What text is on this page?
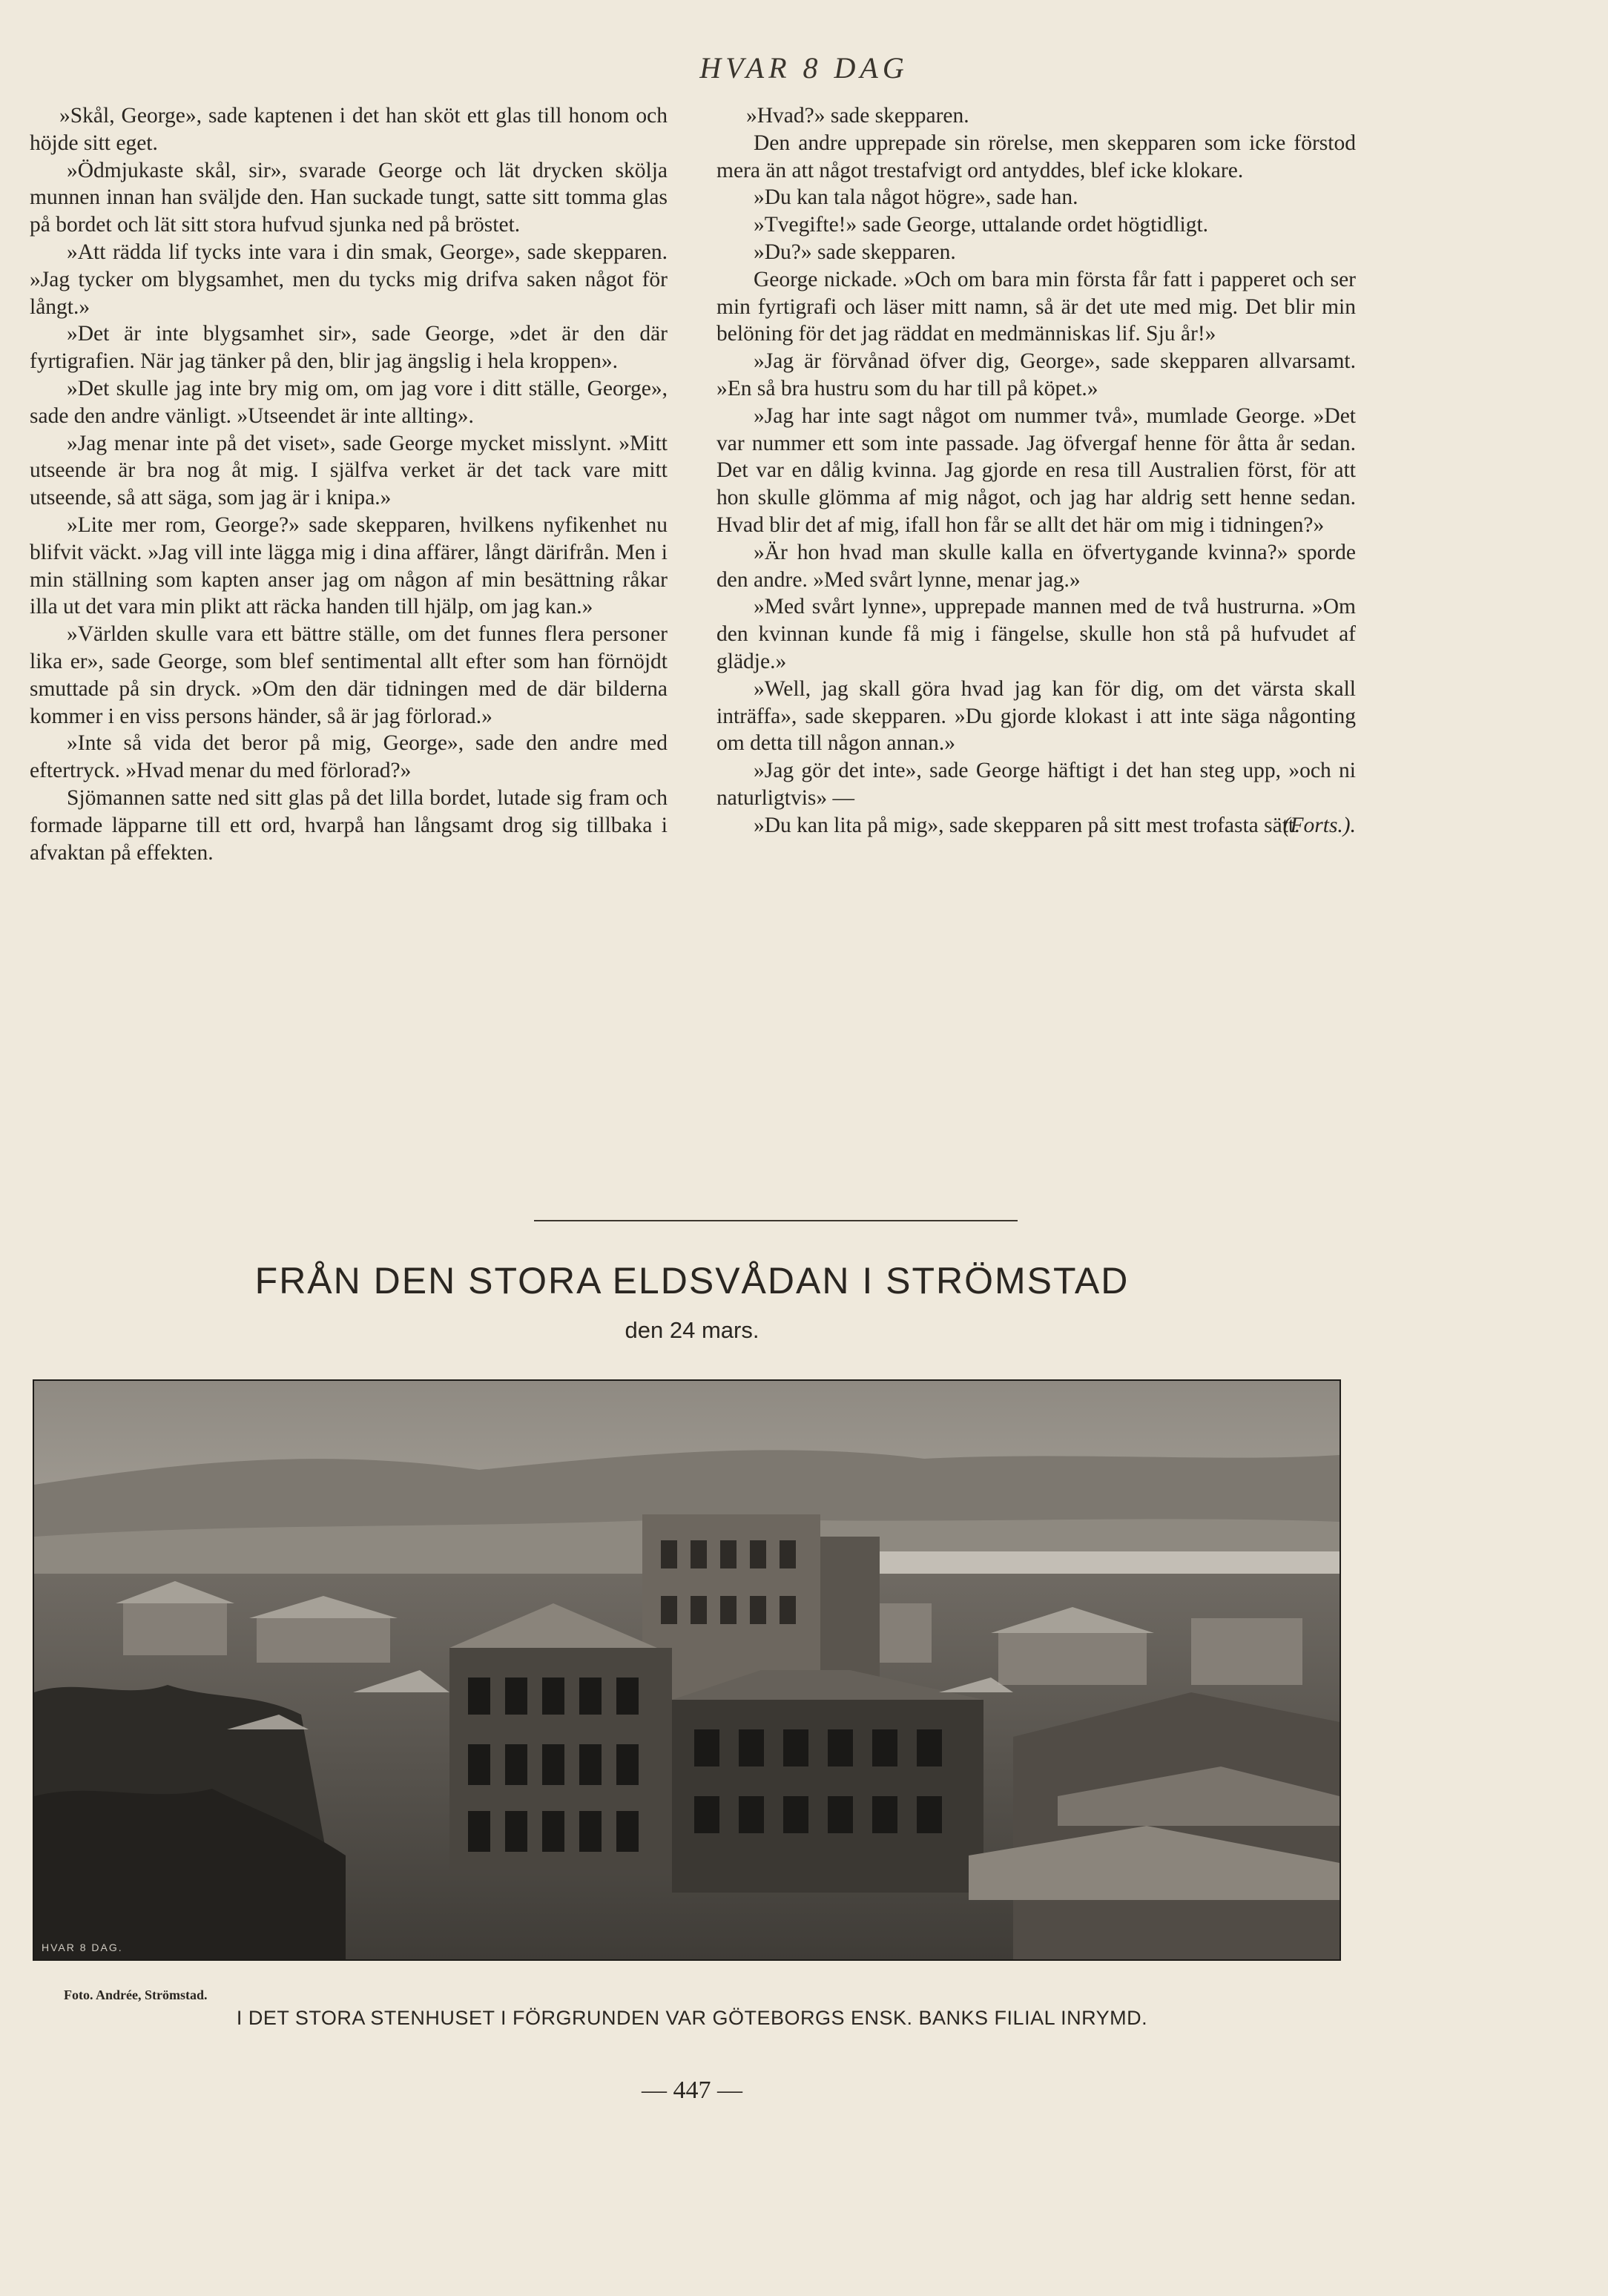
HVAR 8 DAG

»Skål, George», sade kaptenen i det han sköt ett glas till honom och höjde sitt eget.

»Ödmjukaste skål, sir», svarade George och lät drycken skölja munnen innan han sväljde den. Han suckade tungt, satte sitt tomma glas på bordet och lät sitt stora hufvud sjunka ned på bröstet.

»Att rädda lif tycks inte vara i din smak, George», sade skepparen. »Jag tycker om blygsamhet, men du tycks mig drifva saken något för långt.»

»Det är inte blygsamhet sir», sade George, »det är den där fyrtigrafien. När jag tänker på den, blir jag ängslig i hela kroppen».

»Det skulle jag inte bry mig om, om jag vore i ditt ställe, George», sade den andre vänligt. »Utseendet är inte allting».

»Jag menar inte på det viset», sade George mycket misslynt. »Mitt utseende är bra nog åt mig. I själfva verket är det tack vare mitt utseende, så att säga, som jag är i knipa.»

»Lite mer rom, George?» sade skepparen, hvilkens nyfikenhet nu blifvit väckt. »Jag vill inte lägga mig i dina affärer, långt därifrån. Men i min ställning som kapten anser jag om någon af min besättning råkar illa ut det vara min plikt att räcka handen till hjälp, om jag kan.»

»Världen skulle vara ett bättre ställe, om det funnes flera personer lika er», sade George, som blef sentimental allt efter som han förnöjdt smuttade på sin dryck. »Om den där tidningen med de där bilderna kommer i en viss persons händer, så är jag förlorad.»

»Inte så vida det beror på mig, George», sade den andre med eftertryck. »Hvad menar du med förlorad?»

Sjömannen satte ned sitt glas på det lilla bordet, lutade sig fram och formade läpparne till ett ord, hvarpå han långsamt drog sig tillbaka i afvaktan på effekten.

»Hvad?» sade skepparen.

Den andre upprepade sin rörelse, men skepparen som icke förstod mera än att något trestafvigt ord antyddes, blef icke klokare.

»Du kan tala något högre», sade han.

»Tvegifte!» sade George, uttalande ordet högtidligt.

»Du?» sade skepparen.

George nickade. »Och om bara min första får fatt i papperet och ser min fyrtigrafi och läser mitt namn, så är det ute med mig. Det blir min belöning för det jag räddat en medmänniskas lif. Sju år!»

»Jag är förvånad öfver dig, George», sade skepparen allvarsamt. »En så bra hustru som du har till på köpet.»

»Jag har inte sagt något om nummer två», mumlade George. »Det var nummer ett som inte passade. Jag öfvergaf henne för åtta år sedan. Det var en dålig kvinna. Jag gjorde en resa till Australien först, för att hon skulle glömma af mig något, och jag har aldrig sett henne sedan. Hvad blir det af mig, ifall hon får se allt det här om mig i tidningen?»

»Är hon hvad man skulle kalla en öfvertygande kvinna?» sporde den andre. »Med svårt lynne, menar jag.»

»Med svårt lynne», upprepade mannen med de två hustrurna. »Om den kvinnan kunde få mig i fängelse, skulle hon stå på hufvudet af glädje.»

»Well, jag skall göra hvad jag kan för dig, om det värsta skall inträffa», sade skepparen. »Du gjorde klokast i att inte säga någonting om detta till någon annan.»

»Jag gör det inte», sade George häftigt i det han steg upp, »och ni naturligtvis» —

»Du kan lita på mig», sade skepparen på sitt mest trofasta sätt.

(Forts.).
FRÅN DEN STORA ELDSVÅDAN I STRÖMSTAD
den 24 mars.
HVAR 8 DAG.
Foto. Andrée, Strömstad.
I DET STORA STENHUSET I FÖRGRUNDEN VAR GÖTEBORGS ENSK. BANKS FILIAL INRYMD.
— 447 —
